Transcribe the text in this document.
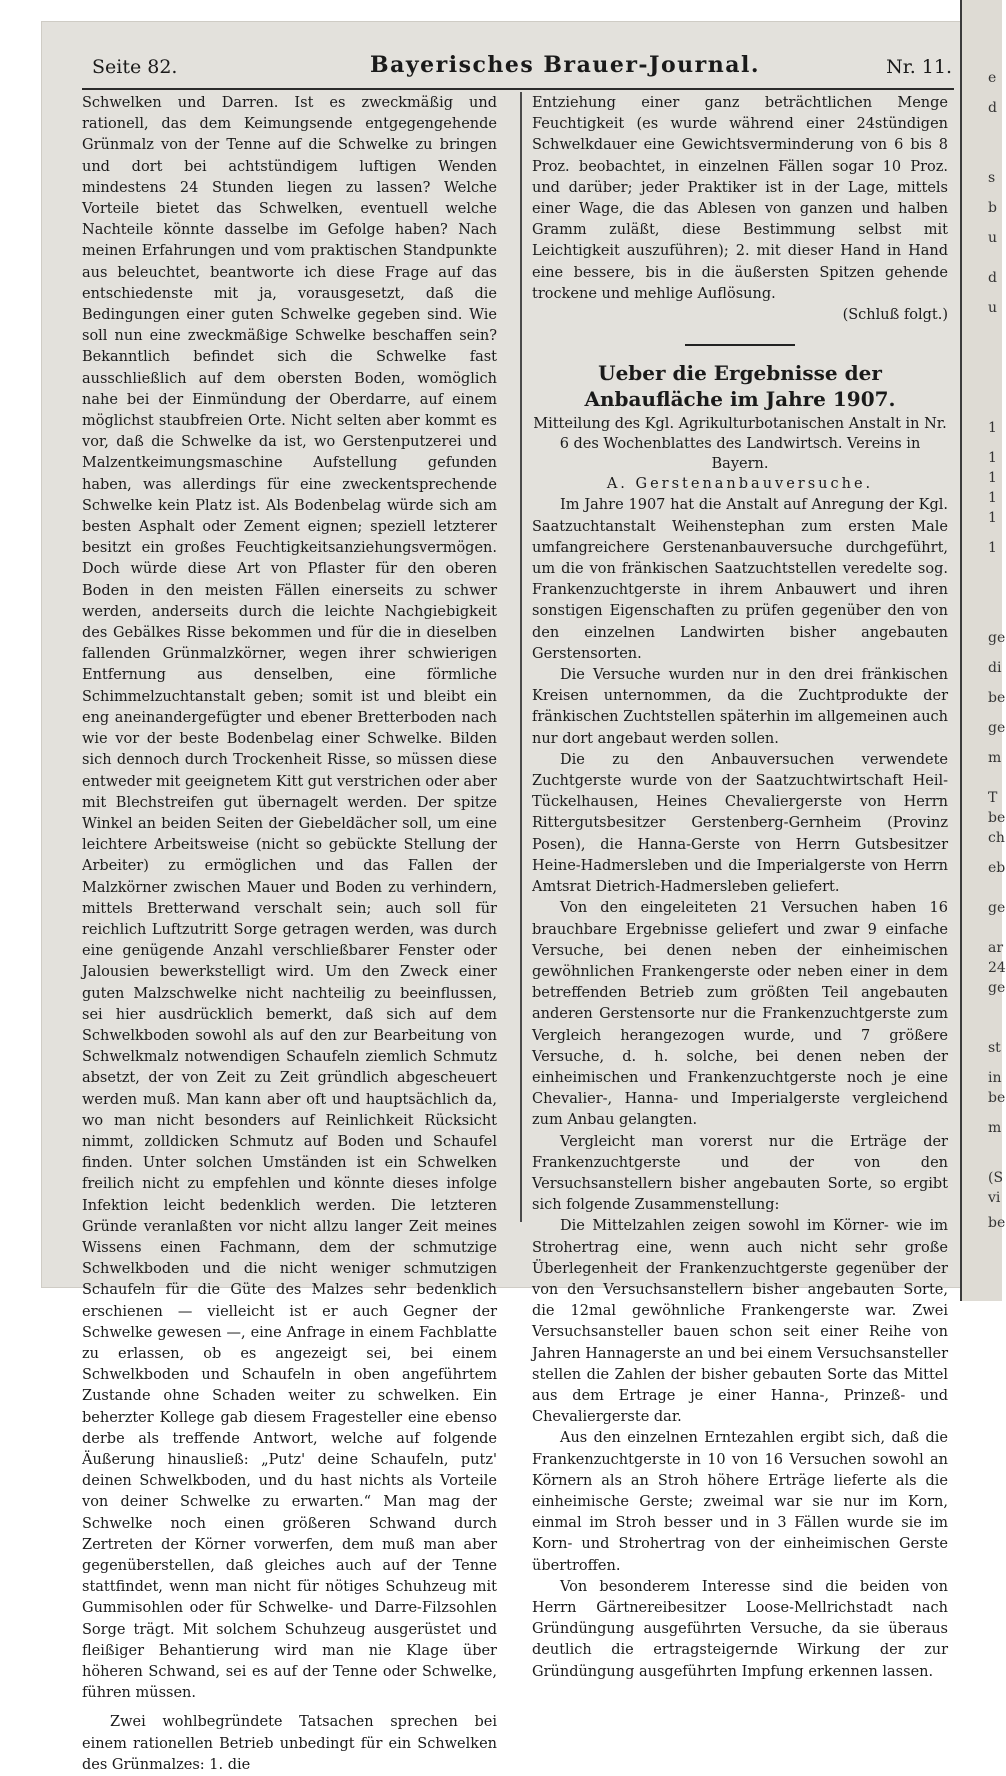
e
d
s
b
u
d
u
1
1
1
1
1
1
ge
di
be
ge
m
T
be
ch
eb
ge
ar
24
ge
st
in
be
m
(S
vi
be
Seite 82.	Bayerisches Brauer-Journal.	Nr. 11.

Schwelken und Darren. Ist es zweckmäßig und rationell, das dem Keimungsende entgegengehende Grünmalz von der Tenne auf die Schwelke zu bringen und dort bei achtstündigem luftigen Wenden mindestens 24 Stunden liegen zu lassen? Welche Vorteile bietet das Schwelken, eventuell welche Nachteile könnte dasselbe im Gefolge haben? Nach meinen Erfahrungen und vom praktischen Standpunkte aus beleuchtet, beantworte ich diese Frage auf das entschiedenste mit ja, vorausgesetzt, daß die Bedingungen einer guten Schwelke gegeben sind. Wie soll nun eine zweckmäßige Schwelke beschaffen sein? Bekanntlich befindet sich die Schwelke fast ausschließlich auf dem obersten Boden, womöglich nahe bei der Einmündung der Oberdarre, auf einem möglichst staubfreien Orte. Nicht selten aber kommt es vor, daß die Schwelke da ist, wo Gerstenputzerei und Malzentkeimungsmaschine Aufstellung gefunden haben, was allerdings für eine zweckentsprechende Schwelke kein Platz ist. Als Bodenbelag würde sich am besten Asphalt oder Zement eignen; speziell letzterer besitzt ein großes Feuchtigkeitsanziehungsvermögen. Doch würde diese Art von Pflaster für den oberen Boden in den meisten Fällen einerseits zu schwer werden, anderseits durch die leichte Nachgiebigkeit des Gebälkes Risse bekommen und für die in dieselben fallenden Grünmalzkörner, wegen ihrer schwierigen Entfernung aus denselben, eine förmliche Schimmelzuchtanstalt geben; somit ist und bleibt ein eng aneinandergefügter und ebener Bretterboden nach wie vor der beste Bodenbelag einer Schwelke. Bilden sich dennoch durch Trockenheit Risse, so müssen diese entweder mit geeignetem Kitt gut verstrichen oder aber mit Blechstreifen gut übernagelt werden. Der spitze Winkel an beiden Seiten der Giebeldächer soll, um eine leichtere Arbeitsweise (nicht so gebückte Stellung der Arbeiter) zu ermöglichen und das Fallen der Malzkörner zwischen Mauer und Boden zu verhindern, mittels Bretterwand verschalt sein; auch soll für reichlich Luftzutritt Sorge getragen werden, was durch eine genügende Anzahl verschließbarer Fenster oder Jalousien bewerkstelligt wird. Um den Zweck einer guten Malzschwelke nicht nachteilig zu beeinflussen, sei hier ausdrücklich bemerkt, daß sich auf dem Schwelkboden sowohl als auf den zur Bearbeitung von Schwelkmalz notwendigen Schaufeln ziemlich Schmutz absetzt, der von Zeit zu Zeit gründlich abgescheuert werden muß. Man kann aber oft und hauptsächlich da, wo man nicht besonders auf Reinlichkeit Rücksicht nimmt, zolldicken Schmutz auf Boden und Schaufel finden. Unter solchen Umständen ist ein Schwelken freilich nicht zu empfehlen und könnte dieses infolge Infektion leicht bedenklich werden. Die letzteren Gründe veranlaßten vor nicht allzu langer Zeit meines Wissens einen Fachmann, dem der schmutzige Schwelkboden und die nicht weniger schmutzigen Schaufeln für die Güte des Malzes sehr bedenklich erschienen — vielleicht ist er auch Gegner der Schwelke gewesen —, eine Anfrage in einem Fachblatte zu erlassen, ob es angezeigt sei, bei einem Schwelkboden und Schaufeln in oben angeführtem Zustande ohne Schaden weiter zu schwelken. Ein beherzter Kollege gab diesem Fragesteller eine ebenso derbe als treffende Antwort, welche auf folgende Äußerung hinausließ: „Putz' deine Schaufeln, putz' deinen Schwelkboden, und du hast nichts als Vorteile von deiner Schwelke zu erwarten.“ Man mag der Schwelke noch einen größeren Schwand durch Zertreten der Körner vorwerfen, dem muß man aber gegenüberstellen, daß gleiches auch auf der Tenne stattfindet, wenn man nicht für nötiges Schuhzeug mit Gummisohlen oder für Schwelke- und Darre-Filzsohlen Sorge trägt. Mit solchem Schuhzeug ausgerüstet und fleißiger Behantierung wird man nie Klage über höheren Schwand, sei es auf der Tenne oder Schwelke, führen müssen.

Zwei wohlbegründete Tatsachen sprechen bei einem rationellen Betrieb unbedingt für ein Schwelken des Grünmalzes: 1. die

Entziehung einer ganz beträchtlichen Menge Feuchtigkeit (es wurde während einer 24stündigen Schwelkdauer eine Gewichtsverminderung von 6 bis 8 Proz. beobachtet, in einzelnen Fällen sogar 10 Proz. und darüber; jeder Praktiker ist in der Lage, mittels einer Wage, die das Ablesen von ganzen und halben Gramm zuläßt, diese Bestimmung selbst mit Leichtigkeit auszuführen); 2. mit dieser Hand in Hand eine bessere, bis in die äußersten Spitzen gehende trockene und mehlige Auflösung.

(Schluß folgt.)

Ueber die Ergebnisse der Anbaufläche im Jahre 1907.

Mitteilung des Kgl. Agrikulturbotanischen Anstalt in Nr. 6 des Wochenblattes des Landwirtsch. Vereins in Bayern.

A. Gerstenanbauversuche.

Im Jahre 1907 hat die Anstalt auf Anregung der Kgl. Saatzuchtanstalt Weihenstephan zum ersten Male umfangreichere Gerstenanbauversuche durchgeführt, um die von fränkischen Saatzuchtstellen veredelte sog. Frankenzuchtgerste in ihrem Anbauwert und ihren sonstigen Eigenschaften zu prüfen gegenüber den von den einzelnen Landwirten bisher angebauten Gerstensorten.

Die Versuche wurden nur in den drei fränkischen Kreisen unternommen, da die Zuchtprodukte der fränkischen Zuchtstellen späterhin im allgemeinen auch nur dort angebaut werden sollen.

Die zu den Anbauversuchen verwendete Zuchtgerste wurde von der Saatzuchtwirtschaft Heil-Tückelhausen, Heines Chevaliergerste von Herrn Rittergutsbesitzer Gerstenberg-Gernheim (Provinz Posen), die Hanna-Gerste von Herrn Gutsbesitzer Heine-Hadmersleben und die Imperialgerste von Herrn Amtsrat Dietrich-Hadmersleben geliefert.

Von den eingeleiteten 21 Versuchen haben 16 brauchbare Ergebnisse geliefert und zwar 9 einfache Versuche, bei denen neben der einheimischen gewöhnlichen Frankengerste oder neben einer in dem betreffenden Betrieb zum größten Teil angebauten anderen Gerstensorte nur die Frankenzuchtgerste zum Vergleich herangezogen wurde, und 7 größere Versuche, d. h. solche, bei denen neben der einheimischen und Frankenzuchtgerste noch je eine Chevalier-, Hanna- und Imperialgerste vergleichend zum Anbau gelangten.

Vergleicht man vorerst nur die Erträge der Frankenzuchtgerste und der von den Versuchsanstellern bisher angebauten Sorte, so ergibt sich folgende Zusammenstellung:

Die Mittelzahlen zeigen sowohl im Körner- wie im Strohertrag eine, wenn auch nicht sehr große Überlegenheit der Frankenzuchtgerste gegenüber der von den Versuchsanstellern bisher angebauten Sorte, die 12mal gewöhnliche Frankengerste war. Zwei Versuchsansteller bauen schon seit einer Reihe von Jahren Hannagerste an und bei einem Versuchsansteller stellen die Zahlen der bisher gebauten Sorte das Mittel aus dem Ertrage je einer Hanna-, Prinzeß- und Chevaliergerste dar.

Aus den einzelnen Erntezahlen ergibt sich, daß die Frankenzuchtgerste in 10 von 16 Versuchen sowohl an Körnern als an Stroh höhere Erträge lieferte als die einheimische Gerste; zweimal war sie nur im Korn, einmal im Stroh besser und in 3 Fällen wurde sie im Korn- und Strohertrag von der einheimischen Gerste übertroffen.

Von besonderem Interesse sind die beiden von Herrn Gärtnereibesitzer Loose-Mellrichstadt nach Gründüngung ausgeführten Versuche, da sie überaus deutlich die ertragsteigernde Wirkung der zur Gründüngung ausgeführten Impfung erkennen lassen.
